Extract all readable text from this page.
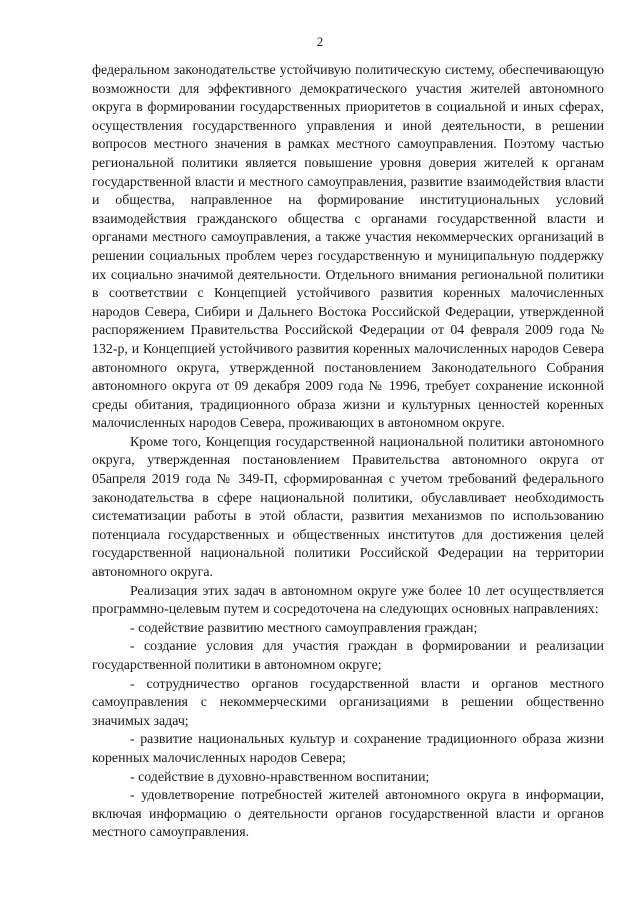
2

федеральном законодательстве устойчивую политическую систему, обеспечивающую возможности для эффективного демократического участия жителей автономного округа в формировании государственных приоритетов в социальной и иных сферах, осуществления государственного управления и иной деятельности, в решении вопросов местного значения в рамках местного самоуправления. Поэтому частью региональной политики является повышение уровня доверия жителей к органам государственной власти и местного самоуправления, развитие взаимодействия власти и общества, направленное на формирование институциональных условий взаимодействия гражданского общества с органами государственной власти и органами местного самоуправления, а также участия некоммерческих организаций в решении социальных проблем через государственную и муниципальную поддержку их социально значимой деятельности. Отдельного внимания региональной политики в соответствии с Концепцией устойчивого развития коренных малочисленных народов Севера, Сибири и Дальнего Востока Российской Федерации, утвержденной распоряжением Правительства Российской Федерации от 04 февраля 2009 года № 132-р, и Концепцией устойчивого развития коренных малочисленных народов Севера автономного округа, утвержденной постановлением Законодательного Собрания автономного округа от 09 декабря 2009 года № 1996, требует сохранение исконной среды обитания, традиционного образа жизни и культурных ценностей коренных малочисленных народов Севера, проживающих в автономном округе.

Кроме того, Концепция государственной национальной политики автономного округа, утвержденная постановлением Правительства автономного округа от 05апреля 2019 года № 349-П, сформированная с учетом требований федерального законодательства в сфере национальной политики, обуславливает необходимость систематизации работы в этой области, развития механизмов по использованию потенциала государственных и общественных институтов для достижения целей государственной национальной политики Российской Федерации на территории автономного округа.

Реализация этих задач в автономном округе уже более 10 лет осуществляется программно-целевым путем и сосредоточена на следующих основных направлениях:

- содействие развитию местного самоуправления граждан;

- создание условия для участия граждан в формировании и реализации государственной политики в автономном округе;

- сотрудничество органов государственной власти и органов местного самоуправления с некоммерческими организациями в решении общественно значимых задач;

- развитие национальных культур и сохранение традиционного образа жизни коренных малочисленных народов Севера;

- содействие в духовно-нравственном воспитании;

- удовлетворение потребностей жителей автономного округа в информации, включая информацию о деятельности органов государственной власти и органов местного самоуправления.
